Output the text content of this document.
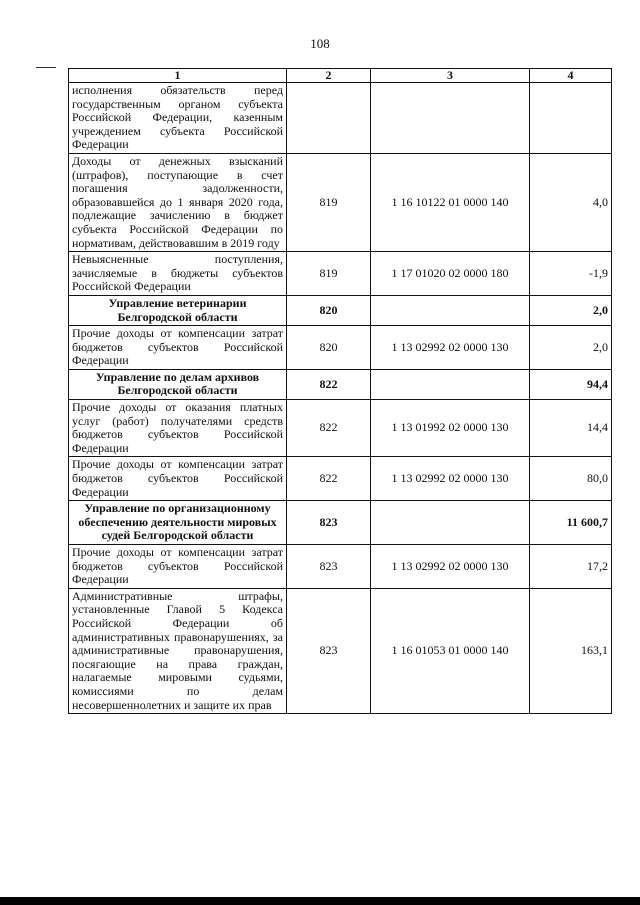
108
1	2	3	4
исполнения обязательств перед государственным органом субъекта Российской Федерации, казенным учреждением субъекта Российской Федерации			
Доходы от денежных взысканий (штрафов), поступающие в счет погашения задолженности, образовавшейся до 1 января 2020 года, подлежащие зачислению в бюджет субъекта Российской Федерации по нормативам, действовавшим в 2019 году	819	1 16 10122 01 0000 140	4,0
Невыясненные поступления, зачисляемые в бюджеты субъектов Российской Федерации	819	1 17 01020 02 0000 180	-1,9
Управление ветеринарии Белгородской области	820		2,0
Прочие доходы от компенсации затрат бюджетов субъектов Российской Федерации	820	1 13 02992 02 0000 130	2,0
Управление по делам архивов Белгородской области	822		94,4
Прочие доходы от оказания платных услуг (работ) получателями средств бюджетов субъектов Российской Федерации	822	1 13 01992 02 0000 130	14,4
Прочие доходы от компенсации затрат бюджетов субъектов Российской Федерации	822	1 13 02992 02 0000 130	80,0
Управление по организационному обеспечению деятельности мировых судей Белгородской области	823		11 600,7
Прочие доходы от компенсации затрат бюджетов субъектов Российской Федерации	823	1 13 02992 02 0000 130	17,2
Административные штрафы, установленные Главой 5 Кодекса Российской Федерации об административных правонарушениях, за административные правонарушения, посягающие на права граждан, налагаемые мировыми судьями, комиссиями по делам несовершеннолетних и защите их прав	823	1 16 01053 01 0000 140	163,1
